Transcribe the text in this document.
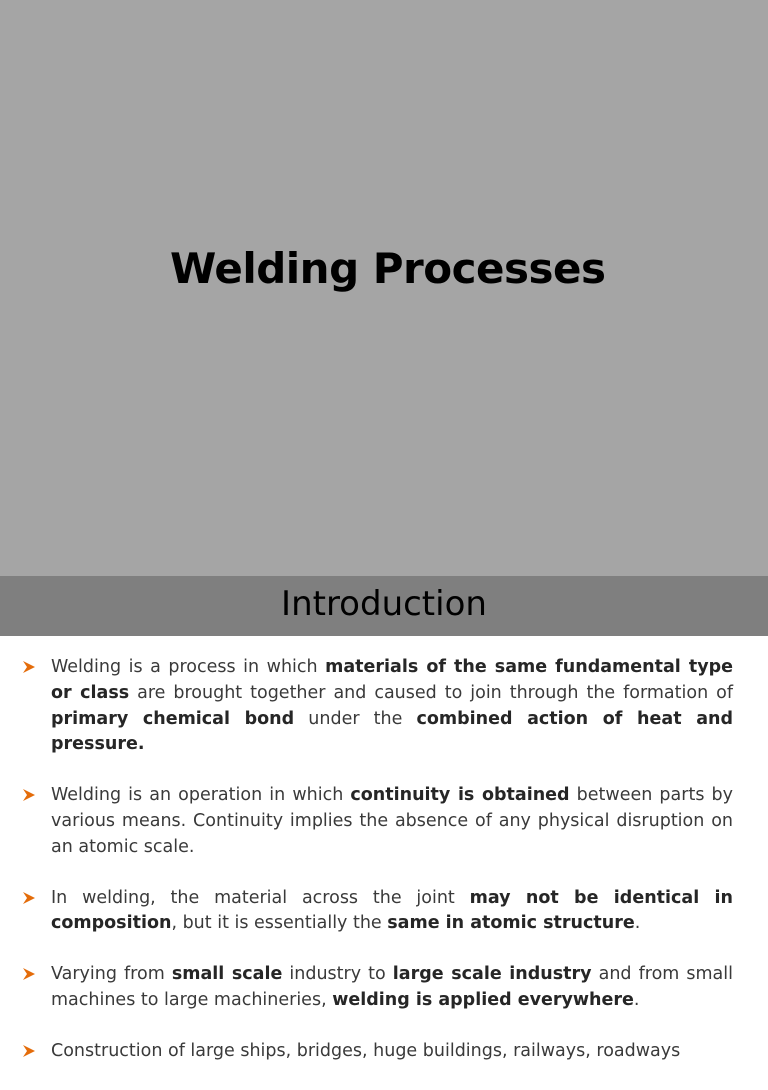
Welding Processes
Introduction
Welding is a process in which materials of the same fundamental type or class are brought together and caused to join through the formation of primary chemical bond under the combined action of heat and pressure.
Welding is an operation in which continuity is obtained between parts by various means. Continuity implies the absence of any physical disruption on an atomic scale.
In welding, the material across the joint may not be identical in composition, but it is essentially the same in atomic structure.
Varying from small scale industry to large scale industry and from small machines to large machineries, welding is applied everywhere.
Construction of large ships, bridges, huge buildings, railways, roadways
